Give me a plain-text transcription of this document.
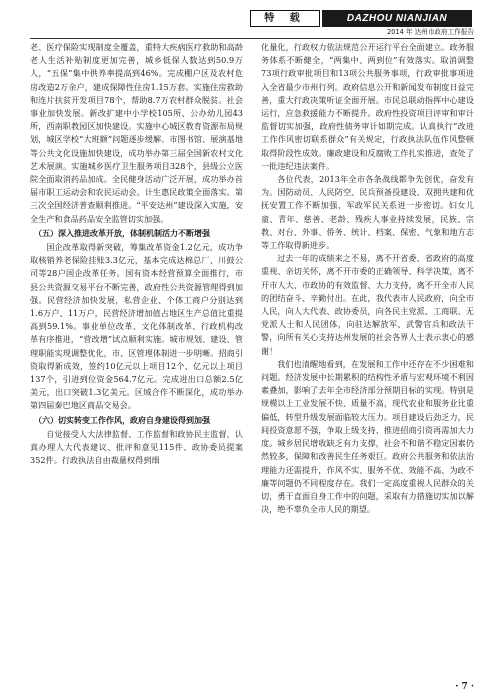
特 载	DAZHOU NIANJIAN
2014 年 达州市政府工作报告

老、医疗保险实现制度全覆盖，重特大疾病医疗救助和高龄老人生活补贴制度更加完善，城乡低保人数达到50.9万人，“五保”集中供养率提高到46%。完成棚户区及农村危房改造2万余户，建成保障性住房1.15万套。实施住房救助和连片扶贫开发项目78个，帮助8.7万农村群众脱贫。社会事业加快发展。新改扩建中小学校105所、公办幼儿园43所，西南职教园区加快建设。实施中心城区教育资源布局规划，城区学校“大班额”问题逐步缓解。市图书馆、展演基地等公共文化设施加快建设，成功举办第三届全国新农村文化艺术展演。实施城乡医疗卫生服务项目328个，县级公立医院全面取消药品加成。全民健身活动广泛开展，成功举办首届市职工运动会和农民运动会。计生惠民政策全面落实。第三次全国经济普查顺利推进。“平安达州”建设深入实施，安全生产和食品药品安全监管切实加强。

（五）深入推进改革开放，体制机制活力不断增强

国企改革取得新突破，筹集改革资金1.2亿元，成功争取核销养老保险挂账3.3亿元，基本完成达棉总厂、川鼓公司等28户国企改革任务。国有资本经营预算全面推行，市县公共资源交易平台不断完善，政府性公共资源管理得到加强。民营经济加快发展，私营企业、个体工商户分别达到1.6万户、11万户，民营经济增加值占地区生产总值比重提高到59.1%。事业单位改革、文化体制改革、行政机构改革有序推进，“营改增”试点顺利实施。城市规划、建设、管理职能实现调整优化，市、区管理体制进一步明晰。招商引资取得新成效，签约10亿元以上项目12个、亿元以上项目137个，引进到位资金564.7亿元。完成进出口总额2.5亿美元，出口突破1.3亿美元。区域合作不断深化，成功举办第四届秦巴地区商品交易会。

（六）切实转变工作作风，政府自身建设得到加强

自觉接受人大法律监督、工作监督和政协民主监督，认真办理人大代表建议、批评和意见115件、政协委员提案352件。行政执法自由裁量权得到细

化量化，行政权力依法规范公开运行平台全面建立。政务服务体系不断健全，“两集中、两到位”有效落实。取消调整73项行政审批项目和13项公共服务事项，行政审批事项进入全省最少市州行列。政府信息公开和新闻发布制度日益完善，重大行政决策听证全面开展。市民总联动指挥中心建设运行，应急救援能力不断提升。政府性投资项目评审和审计监督切实加强，政府性债务审计如期完成。认真执行“改进工作作风密切联系群众”有关规定，行政执法队伍作风整顿取得阶段性成效。廉政建设和反腐败工作扎实推进，查处了一批违纪违法案件。

各位代表，2013年全市各条战线都争先创优，奋发有为。国防动员、人民防空、民兵预备役建设、双拥共建和优抚安置工作不断加强，军政军民关系进一步密切。妇女儿童、青年、慈善、老龄、残疾人事业持续发展，民族、宗教、对台、外事、侨务、统计、档案、保密、气象和地方志等工作取得新进步。

过去一年的成绩来之不易，离不开省委、省政府的高度重视、亲切关怀，离不开市委的正确领导、科学决策，离不开市人大、市政协的有效监督、大力支持，离不开全市人民的团结奋斗、辛勤付出。在此，我代表市人民政府，向全市人民，向人大代表、政协委员，向各民主党派、工商联、无党派人士和人民团体，向驻达解放军、武警官兵和政法干警，向所有关心支持达州发展的社会各界人士表示衷心的感谢！

我们也清醒地看到，在发展和工作中还存在不少困难和问题。经济发展中长期累积的结构性矛盾与宏观环境不利因素叠加，影响了去年全市经济部分预期目标的实现。特别是规模以上工业发展不快、质量不高，现代农业和服务业比重偏低，转型升级发展面临较大压力。项目建设后劲乏力，民间投资意愿不强，争取上级支持、推进招商引资再需加大力度。城乡居民增收缺乏有力支撑，社会不和谐不稳定因素仍然较多，保障和改善民生任务艰巨。政府公共服务和依法治理能力还需提升，作风不实、服务不优、效能不高、为政不廉等问题仍不同程度存在。我们一定高度重视人民群众的关切，勇于直面自身工作中的问题，采取有力措施切实加以解决，绝不辜负全市人民的期望。

· 7 ·
